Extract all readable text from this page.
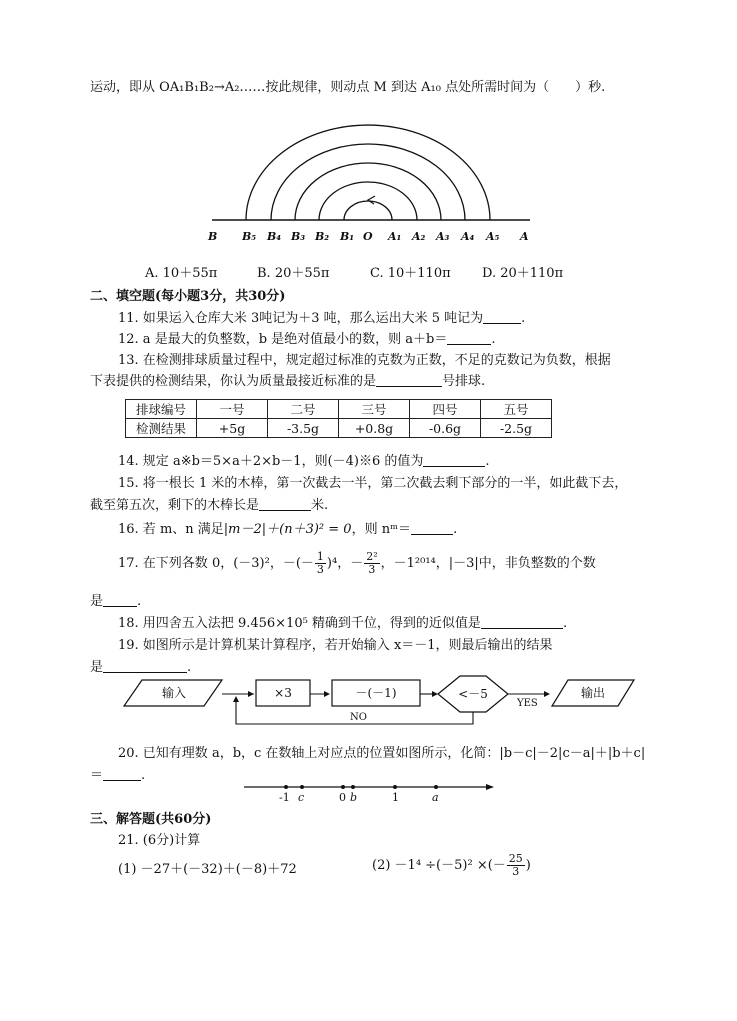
运动，即从 OA₁B₁B₂→A₂……按此规律，则动点 M 到达 A₁₀ 点处所需时间为（　　）秒.
B B₅ B₄ B₃ B₂ B₁ O A₁ A₂ A₃ A₄ A₅ A
A. 10＋55π	B. 20＋55π	C. 10＋110π D. 20＋110π
二、填空题(每小题3分，共30分)
11. 如果运入仓库大米 3吨记为＋3 吨，那么运出大米 5 吨记为	.
12. a 是最大的负整数，b 是绝对值最小的数，则 a＋b＝	.
13. 在检测排球质量过程中，规定超过标准的克数为正数，不足的克数记为负数，根据
下表提供的检测结果，你认为质量最接近标准的是	号排球.
排球编号	一号	二号	三号	四号	五号
检测结果	+5g	-3.5g	+0.8g	-0.6g	-2.5g
14. 规定 a※b＝5×a＋2×b－1，则(－4)※6 的值为	.
15. 将一根长 1 米的木棒，第一次截去一半，第二次截去剩下部分的一半，如此截下去，
截至第五次，剩下的木棒长是	米.
16. 若 m、n 满足|m－2|＋(n＋3)² = 0，则 nᵐ＝	.
17. 在下列各数 0，(－3)²，－(－ $\frac{1}{3} )^4$，－ $\frac{\text{2²}}{3}$ ，－1²⁰¹⁴，|－3|中，非负整数的个数
是	.
18. 用四舍五入法把 9.456×10⁵ 精确到千位，得到的近似值是	.
19. 如图所示是计算机某计算程序，若开始输入 x＝－1，则最后输出的结果
是	.
输入	×3	－(－1)	<－5	输出
YES
NO
20. 已知有理数 a，b，c 在数轴上对应点的位置如图所示，化简：|b－c|－2|c－a|＋|b＋c|
＝	.
-1 c	0 b	1	a
三、解答题(共60分)
21. (6分)计算
(1) －27＋(－32)＋(－8)＋72	(2) －1⁴ ÷(－5)² ×(－ $\frac{25}{3}$ )
